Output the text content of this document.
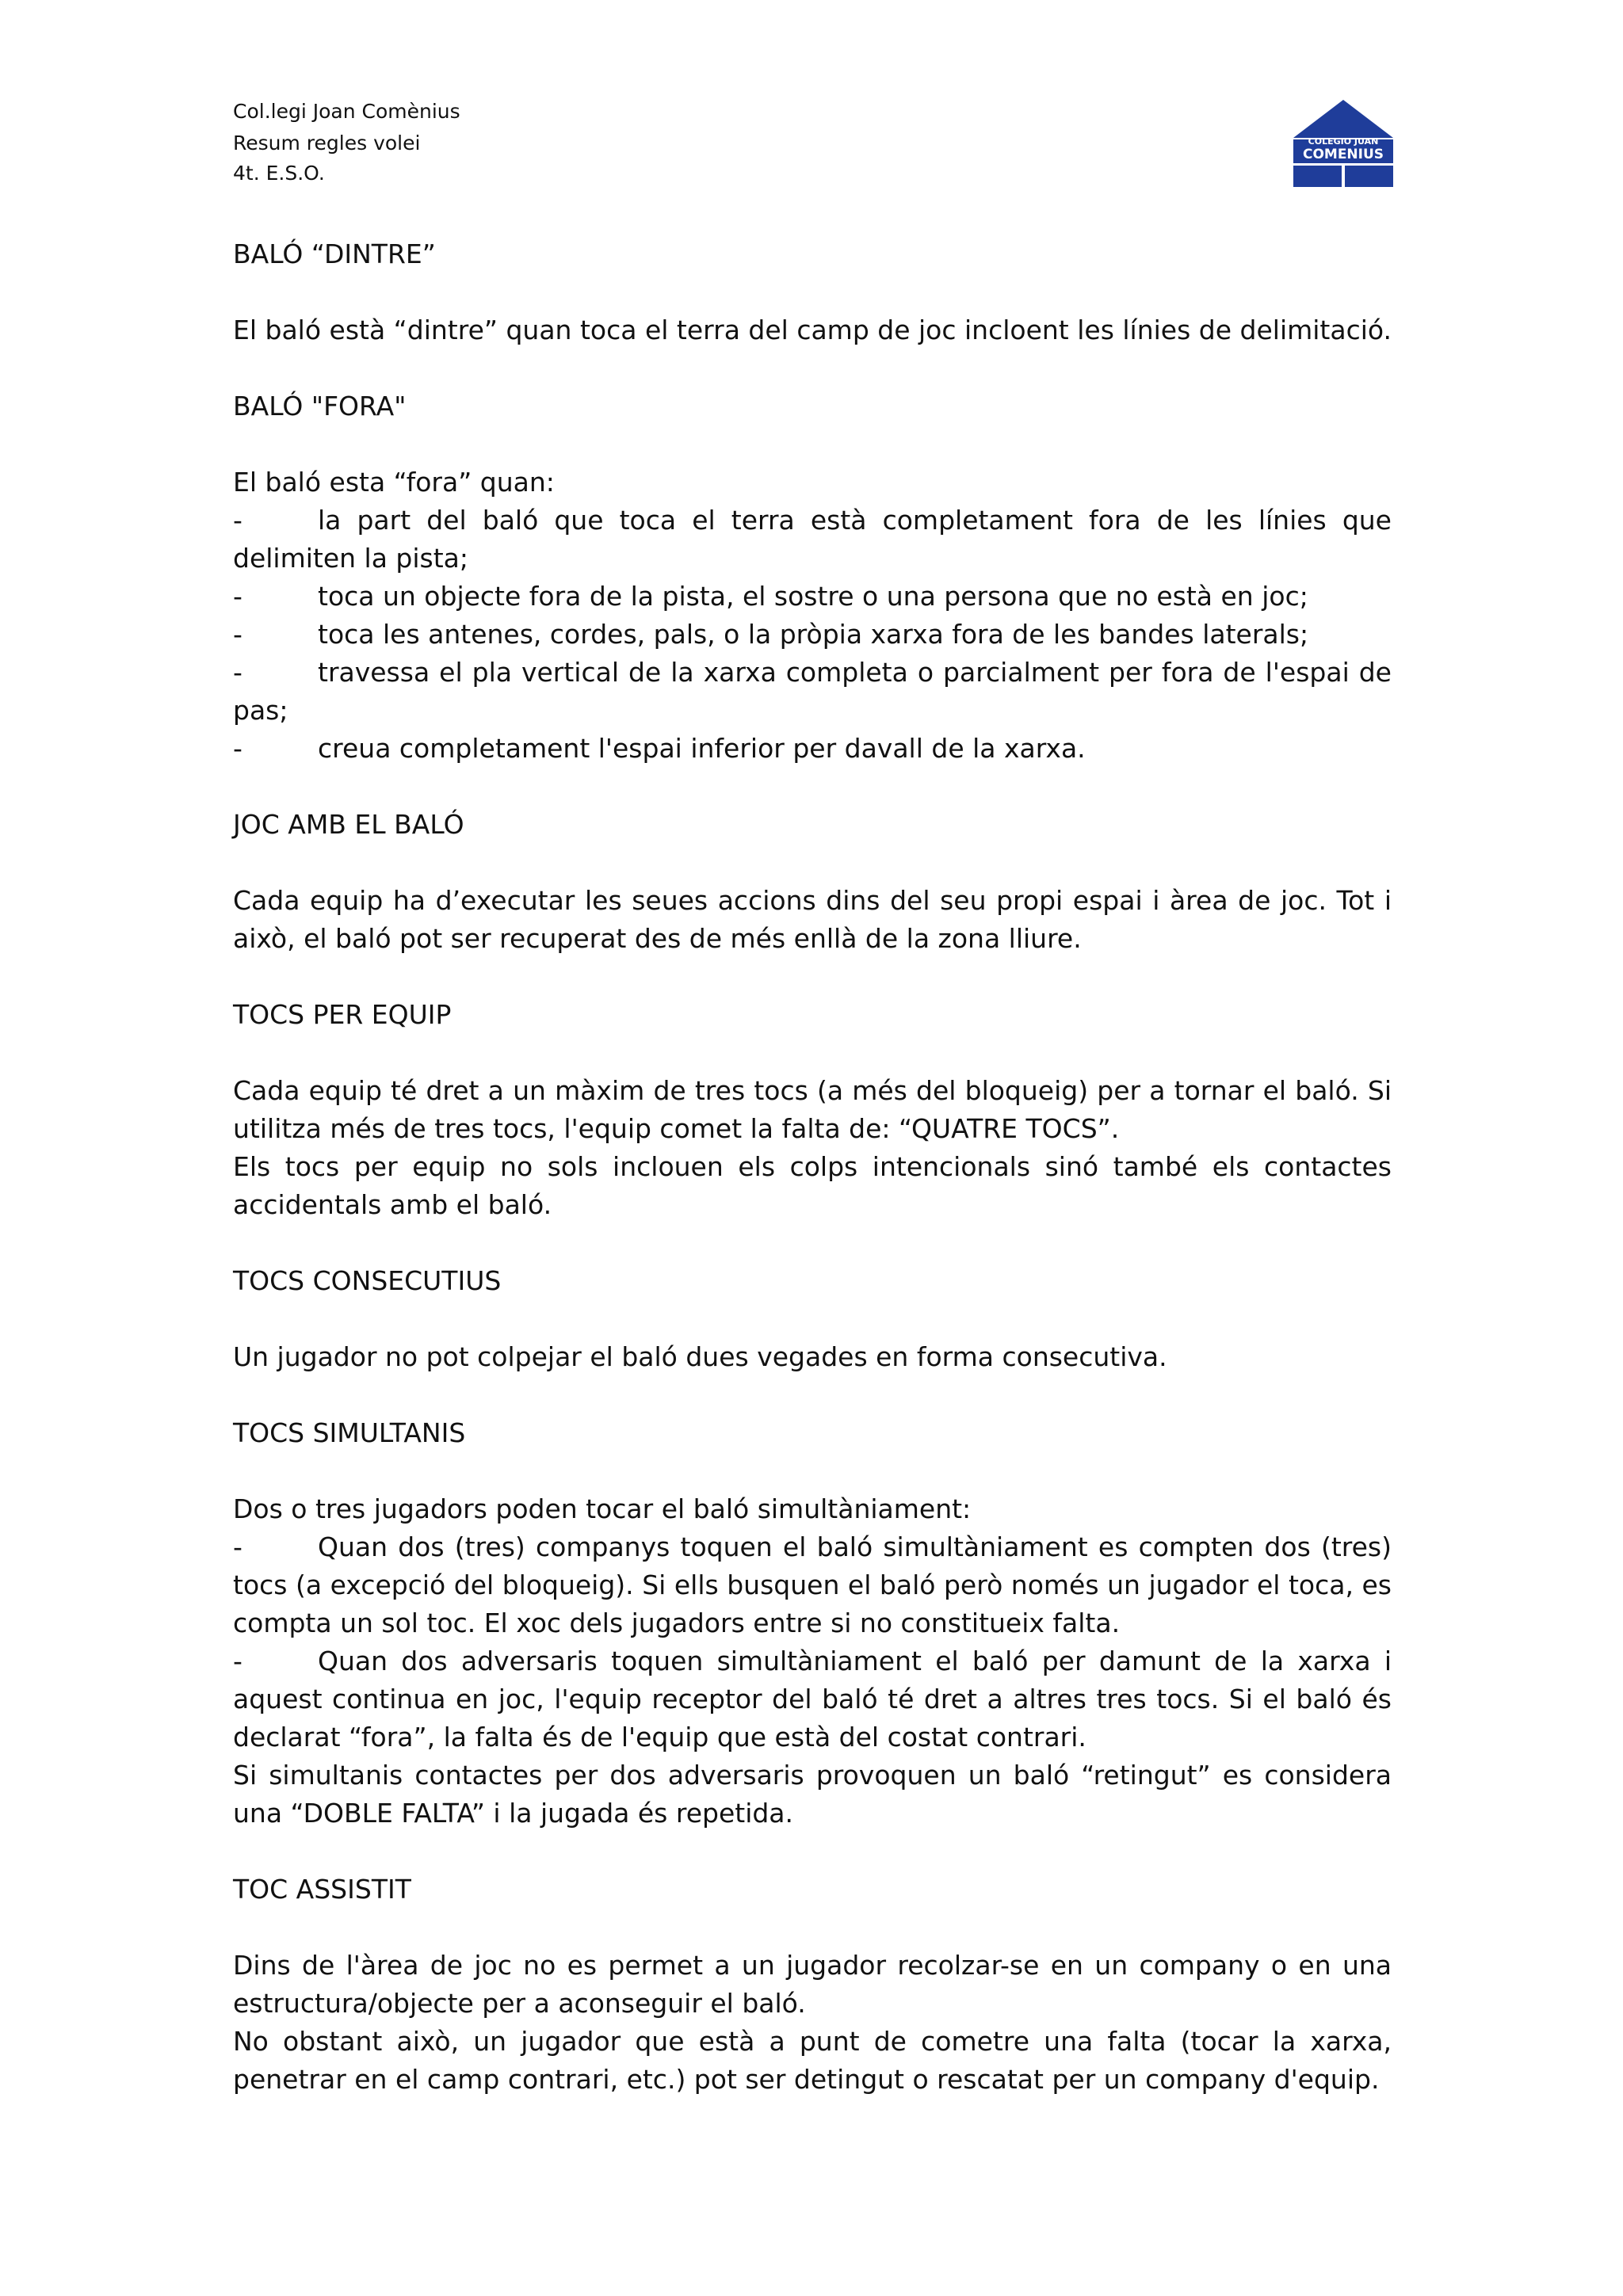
Col.legi Joan Comènius

Resum regles volei

4t. E.S.O.

COLEGIO JUAN
COMENIUS

BALÓ “DINTRE”

El baló està “dintre” quan toca el terra del camp de joc incloent les línies de delimitació.

BALÓ "FORA"

El baló esta “fora” quan:

-	la part del baló que toca el terra està completament fora de les línies que delimiten la pista;

-	toca un objecte fora de la pista, el sostre o una persona que no està en joc;

-	toca les antenes, cordes, pals, o la pròpia xarxa fora de les bandes laterals;

-	travessa el pla vertical de la xarxa completa o parcialment per fora de l'espai de pas;

-	creua completament l'espai inferior per davall de la xarxa.

JOC AMB EL BALÓ

Cada equip ha d’executar les seues accions dins del seu propi espai i àrea de joc. Tot i això, el baló pot ser recuperat des de més enllà de la zona lliure.

TOCS PER EQUIP

Cada equip té dret a un màxim de tres tocs (a més del bloqueig) per a tornar el baló. Si utilitza més de tres tocs, l'equip comet la falta de: “QUATRE TOCS”.

Els tocs per equip no sols inclouen els colps intencionals sinó també els contactes accidentals amb el baló.

TOCS CONSECUTIUS

Un jugador no pot colpejar el baló dues vegades en forma consecutiva.

TOCS SIMULTANIS

Dos o tres jugadors poden tocar el baló simultàniament:

-	Quan dos (tres) companys toquen el baló simultàniament es compten dos (tres) tocs (a excepció del bloqueig). Si ells busquen el baló però només un jugador el toca, es compta un sol toc. El xoc dels jugadors entre si no constitueix falta.

-	Quan dos adversaris toquen simultàniament el baló per damunt de la xarxa i aquest continua en joc, l'equip receptor del baló té dret a altres tres tocs. Si el baló és declarat “fora”, la falta és de l'equip que està del costat contrari.

Si simultanis contactes per dos adversaris provoquen un baló “retingut” es considera una “DOBLE FALTA” i la jugada és repetida.

TOC ASSISTIT

Dins de l'àrea de joc no es permet a un jugador recolzar-se en un company o en una estructura/objecte per a aconseguir el baló.

No obstant això, un jugador que està a punt de cometre una falta (tocar la xarxa, penetrar en el camp contrari, etc.) pot ser detingut o rescatat per un company d'equip.
